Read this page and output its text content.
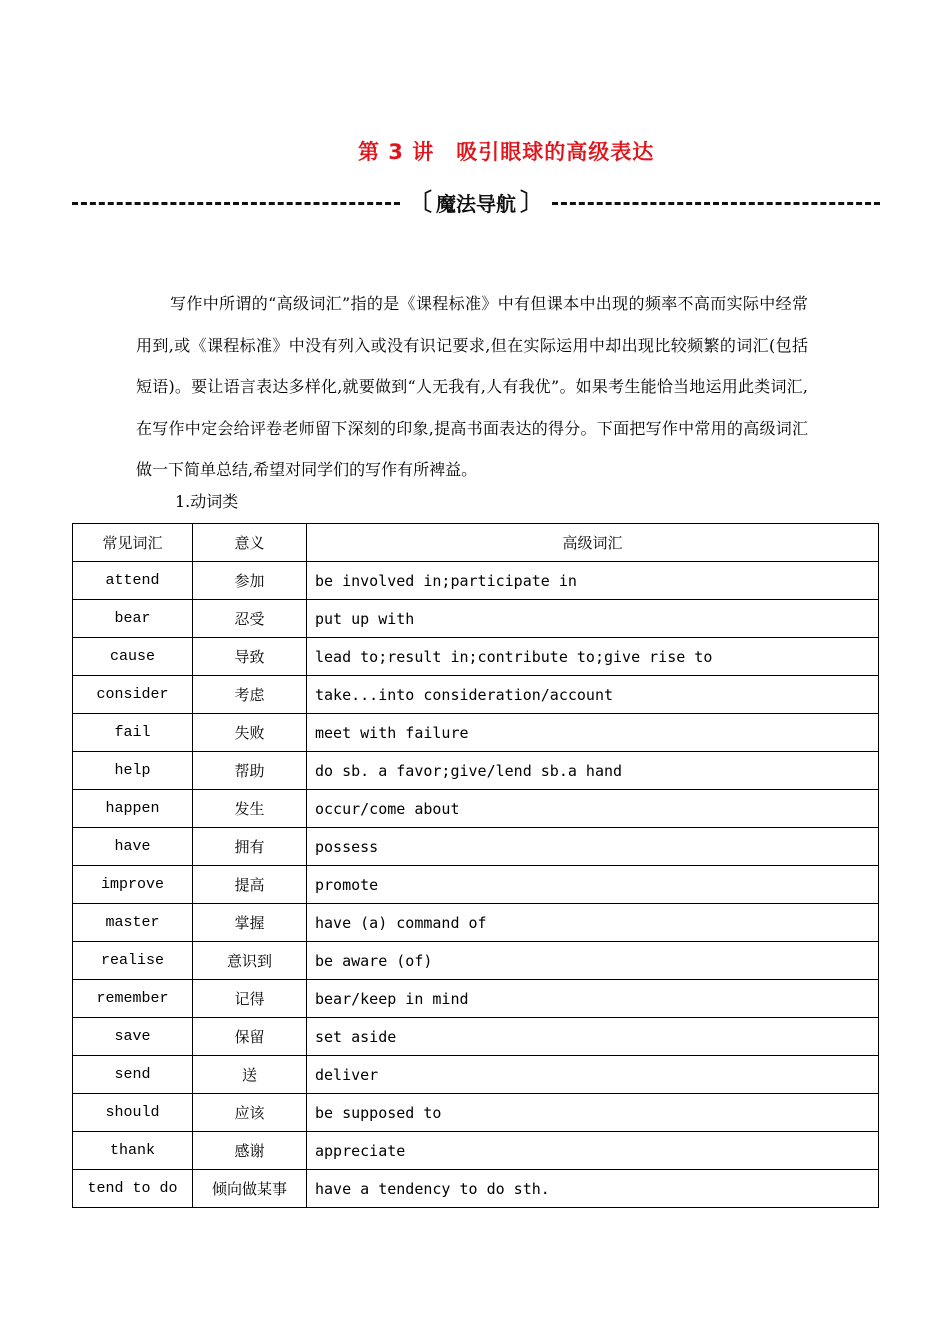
第 3 讲　吸引眼球的高级表达
〔 魔法导航 〕

写作中所谓的“高级词汇”指的是《课程标准》中有但课本中出现的频率不高而实际中经常用到,或《课程标准》中没有列入或没有识记要求,但在实际运用中却出现比较频繁的词汇(包括短语)。要让语言表达多样化,就要做到“人无我有,人有我优”。如果考生能恰当地运用此类词汇,在写作中定会给评卷老师留下深刻的印象,提高书面表达的得分。下面把写作中常用的高级词汇做一下简单总结,希望对同学们的写作有所裨益。

1.动词类
常见词汇	意义	高级词汇
attend	参加	be involved in;participate in
bear	忍受	put up with
cause	导致	lead to;result in;contribute to;give rise to
consider	考虑	take...into consideration/account
fail	失败	meet with failure
help	帮助	do sb. a favor;give/lend sb.a hand
happen	发生	occur/come about
have	拥有	possess
improve	提高	promote
master	掌握	have (a) command of
realise	意识到	be aware (of)
remember	记得	bear/keep in mind
save	保留	set aside
send	送	deliver
should	应该	be supposed to
thank	感谢	appreciate
tend to do	倾向做某事	have a tendency to do sth.
